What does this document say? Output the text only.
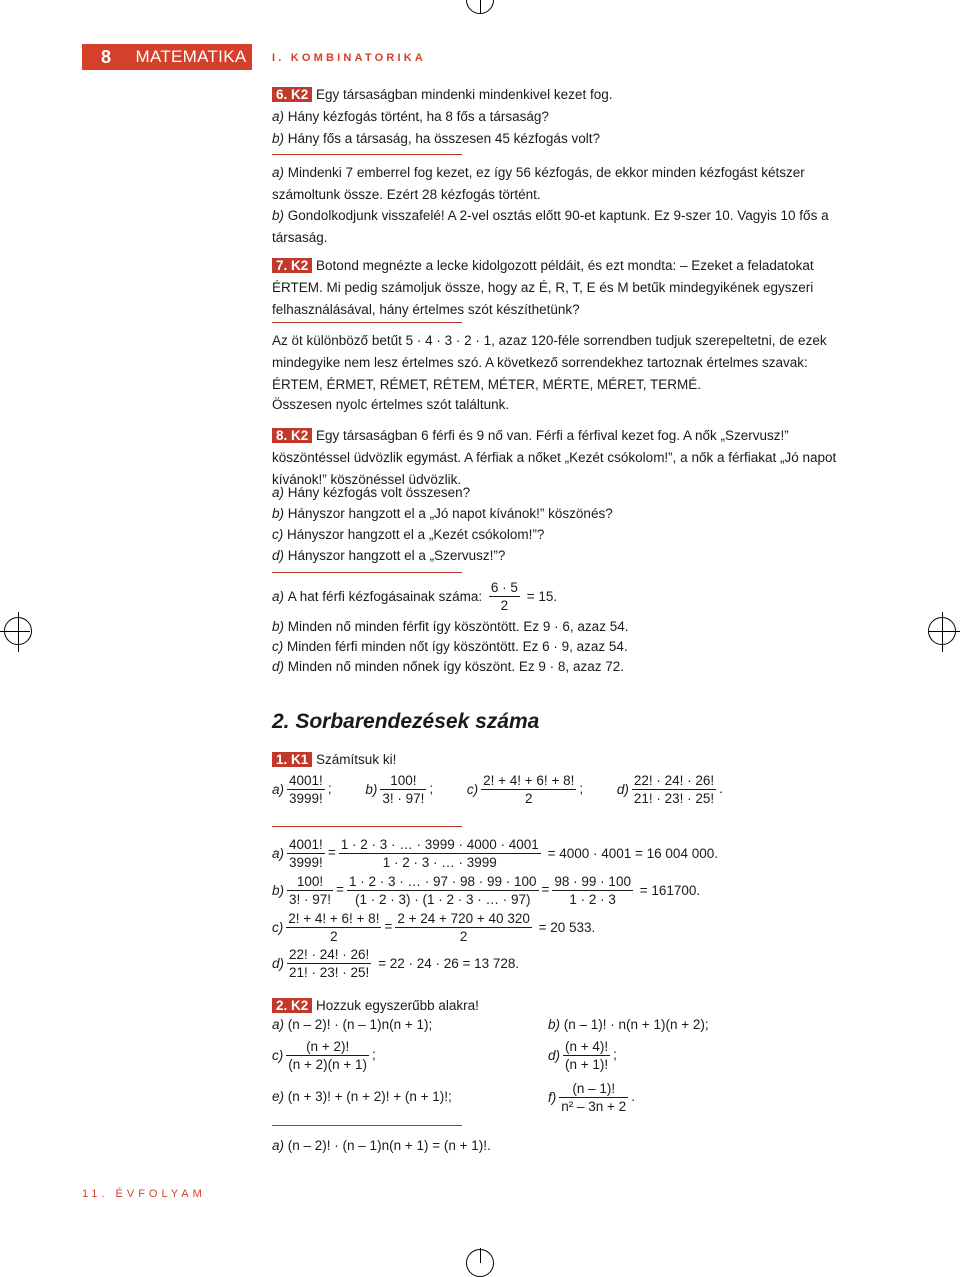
8	MATEMATIKA	I. KOMBINATORIKA
6. K2 Egy társaságban mindenki mindenkivel kezet fog.
a) Hány kézfogás történt, ha 8 fős a társaság?
b) Hány fős a társaság, ha összesen 45 kézfogás volt?
a) Mindenki 7 emberrel fog kezet, ez így 56 kézfogás, de ekkor minden kézfogást kétszer számoltunk össze. Ezért 28 kézfogás történt.
b) Gondolkodjunk visszafelé! A 2-vel osztás előtt 90-et kaptunk. Ez 9-szer 10. Vagyis 10 fős a társaság.
7. K2 Botond megnézte a lecke kidolgozott példáit, és ezt mondta: – Ezeket a feladatokat ÉRTEM. Mi pedig számoljuk össze, hogy az É, R, T, E és M betűk mindegyikének egyszeri felhasználásával, hány értelmes szót készíthetünk?
Az öt különböző betűt 5 · 4 · 3 · 2 · 1, azaz 120-féle sorrendben tudjuk szerepeltetni, de ezek mindegyike nem lesz értelmes szó. A következő sorrendekhez tartoznak értelmes szavak: ÉRTEM, ÉRMET, RÉMET, RÉTEM, MÉTER, MÉRTE, MÉRET, TERMÉ.
Összesen nyolc értelmes szót találtunk.
8. K2 Egy társaságban 6 férfi és 9 nő van. Férfi a férfival kezet fog. A nők „Szervusz!” köszöntéssel üdvözlik egymást. A férfiak a nőket „Kezét csókolom!”, a nők a férfiakat „Jó napot kívánok!” köszönéssel üdvözlik.
a) Hány kézfogás volt összesen?
b) Hányszor hangzott el a „Jó napot kívánok!” köszönés?
c) Hányszor hangzott el a „Kezét csókolom!”?
d) Hányszor hangzott el a „Szervusz!”?
a) A hat férfi kézfogásainak száma: $\frac{6 \cdot 5}{2} = 15$.
b) Minden nő minden férfit így köszöntött. Ez 9 · 6, azaz 54.
c) Minden férfi minden nőt így köszöntött. Ez 6 · 9, azaz 54.
d) Minden nő minden nőnek így köszönt. Ez 9 · 8, azaz 72.
2. Sorbarendezések száma
1. K1 Számítsuk ki!
$a) \frac{4001!}{3999!}$ ; $b) \frac{100!}{3! \cdot 97!}$ ; $c) \frac{2! + 4! + 6! + 8!}{2}$ ; $d) \frac{22! \cdot 24! \cdot 26!}{21! \cdot 23! \cdot 25!}$ .
$a) \frac{4001!}{3999!} = \frac{1 \cdot 2 \cdot 3 \cdot \dots \cdot 3999 \cdot 4000 \cdot 4001}{1 \cdot 2 \cdot 3 \cdot \dots \cdot 3999} = 4000 \cdot 4001 = 16$ 004 000.
$b) \frac{100!}{3! \cdot 97!} = \frac{1 \cdot 2 \cdot 3 \cdot \dots \cdot 97 \cdot 98 \cdot 99 \cdot 100}{(1 \cdot 2 \cdot 3) \cdot (1 \cdot 2 \cdot 3 \cdot \dots \cdot 97)} = \frac{98 \cdot 99 \cdot 100}{1 \cdot 2 \cdot 3} = 161700$.
$c) \frac{2! + 4! + 6! + 8!}{2} = \frac{2 + 24 + 720 + 40 320}{2} = 20$ 533.
$d) \frac{22! \cdot 24! \cdot 26!}{21! \cdot 23! \cdot 25!} = 22 \cdot 24 \cdot 26 = 13$ 728.
2. K2 Hozzuk egyszerűbb alakra!
a) (n – 2)! · (n – 1)n(n + 1);	b) (n – 1)! · n(n + 1)(n + 2);
$c) \frac{(n + 2)!}{(n + 2)(n + 1)}$ ;	$d) \frac{(n + 4)!}{(n + 1)!}$ ;
e) (n + 3)! + (n + 2)! + (n + 1)!;	$f) \frac{(n - 1)!}{\text{n² – 3n + 2}}$ .
a) (n – 2)! · (n – 1)n(n + 1) = (n + 1)!.
11. ÉVFOLYAM
